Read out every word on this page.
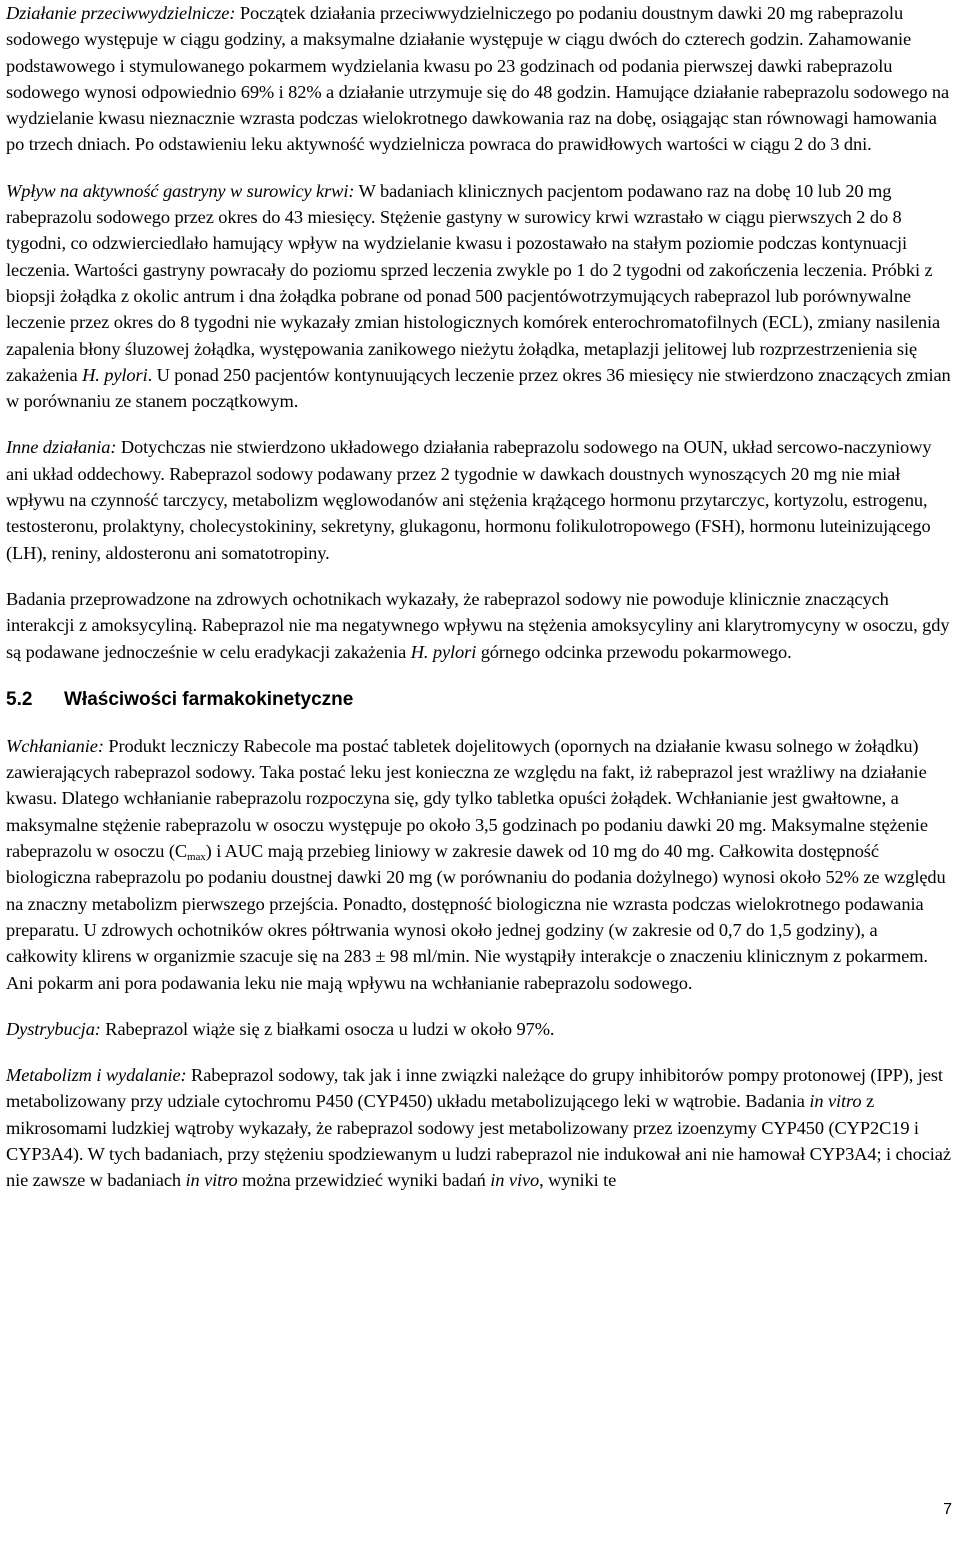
Działanie przeciwwydzielnicze: Początek działania przeciwwydzielniczego po podaniu doustnym dawki 20 mg rabeprazolu sodowego występuje w ciągu godziny, a maksymalne działanie występuje w ciągu dwóch do czterech godzin. Zahamowanie podstawowego i stymulowanego pokarmem wydzielania kwasu po 23 godzinach od podania pierwszej dawki rabeprazolu sodowego wynosi odpowiednio 69% i 82% a działanie utrzymuje się do 48 godzin. Hamujące działanie rabeprazolu sodowego na wydzielanie kwasu nieznacznie wzrasta podczas wielokrotnego dawkowania raz na dobę, osiągając stan równowagi hamowania po trzech dniach. Po odstawieniu leku aktywność wydzielnicza powraca do prawidłowych wartości w ciągu 2 do 3 dni.

Wpływ na aktywność gastryny w surowicy krwi: W badaniach klinicznych pacjentom podawano raz na dobę 10 lub 20 mg rabeprazolu sodowego przez okres do 43 miesięcy. Stężenie gastyny w surowicy krwi wzrastało w ciągu pierwszych 2 do 8 tygodni, co odzwierciedlało hamujący wpływ na wydzielanie kwasu i pozostawało na stałym poziomie podczas kontynuacji leczenia. Wartości gastryny powracały do poziomu sprzed leczenia zwykle po 1 do 2 tygodni od zakończenia leczenia. Próbki z biopsji żołądka z okolic antrum i dna żołądka pobrane od ponad 500 pacjentówotrzymujących rabeprazol lub porównywalne leczenie przez okres do 8 tygodni nie wykazały zmian histologicznych komórek enterochromatofilnych (ECL), zmiany nasilenia zapalenia błony śluzowej żołądka, występowania zanikowego nieżytu żołądka, metaplazji jelitowej lub rozprzestrzenienia się zakażenia H. pylori. U ponad 250 pacjentów kontynuujących leczenie przez okres 36 miesięcy nie stwierdzono znaczących zmian w porównaniu ze stanem początkowym.

Inne działania: Dotychczas nie stwierdzono układowego działania rabeprazolu sodowego na OUN, układ sercowo-naczyniowy ani układ oddechowy. Rabeprazol sodowy podawany przez 2 tygodnie w dawkach doustnych wynoszących 20 mg nie miał wpływu na czynność tarczycy, metabolizm węglowodanów ani stężenia krążącego hormonu przytarczyc, kortyzolu, estrogenu, testosteronu, prolaktyny, cholecystokininy, sekretyny, glukagonu, hormonu folikulotropowego (FSH), hormonu luteinizującego (LH), reniny, aldosteronu ani somatotropiny.

Badania przeprowadzone na zdrowych ochotnikach wykazały, że rabeprazol sodowy nie powoduje klinicznie znaczących interakcji z amoksycyliną. Rabeprazol nie ma negatywnego wpływu na stężenia amoksycyliny ani klarytromycyny w osoczu, gdy są podawane jednocześnie w celu eradykacji zakażenia H. pylori górnego odcinka przewodu pokarmowego.

5.2 Właściwości farmakokinetyczne

Wchłanianie: Produkt leczniczy Rabecole ma postać tabletek dojelitowych (opornych na działanie kwasu solnego w żołądku) zawierających rabeprazol sodowy. Taka postać leku jest konieczna ze względu na fakt, iż rabeprazol jest wrażliwy na działanie kwasu. Dlatego wchłanianie rabeprazolu rozpoczyna się, gdy tylko tabletka opuści żołądek. Wchłanianie jest gwałtowne, a maksymalne stężenie rabeprazolu w osoczu występuje po około 3,5 godzinach po podaniu dawki 20 mg. Maksymalne stężenie rabeprazolu w osoczu $(C_{max})$ i AUC mają przebieg liniowy w zakresie dawek od 10 mg do 40 mg. Całkowita dostępność biologiczna rabeprazolu po podaniu doustnej dawki 20 mg (w porównaniu do podania dożylnego) wynosi około 52% ze względu na znaczny metabolizm pierwszego przejścia. Ponadto, dostępność biologiczna nie wzrasta podczas wielokrotnego podawania preparatu. U zdrowych ochotników okres półtrwania wynosi około jednej godziny (w zakresie od 0,7 do 1,5 godziny), a całkowity klirens w organizmie szacuje się na 283 ± 98 ml/min. Nie wystąpiły interakcje o znaczeniu klinicznym z pokarmem. Ani pokarm ani pora podawania leku nie mają wpływu na wchłanianie rabeprazolu sodowego.

Dystrybucja: Rabeprazol wiąże się z białkami osocza u ludzi w około 97%.

Metabolizm i wydalanie: Rabeprazol sodowy, tak jak i inne związki należące do grupy inhibitorów pompy protonowej (IPP), jest metabolizowany przy udziale cytochromu P450 (CYP450) układu metabolizującego leki w wątrobie. Badania in vitro z mikrosomami ludzkiej wątroby wykazały, że rabeprazol sodowy jest metabolizowany przez izoenzymy CYP450 (CYP2C19 i CYP3A4). W tych badaniach, przy stężeniu spodziewanym u ludzi rabeprazol nie indukował ani nie hamował CYP3A4; i chociaż nie zawsze w badaniach in vitro można przewidzieć wyniki badań in vivo, wyniki te

7
